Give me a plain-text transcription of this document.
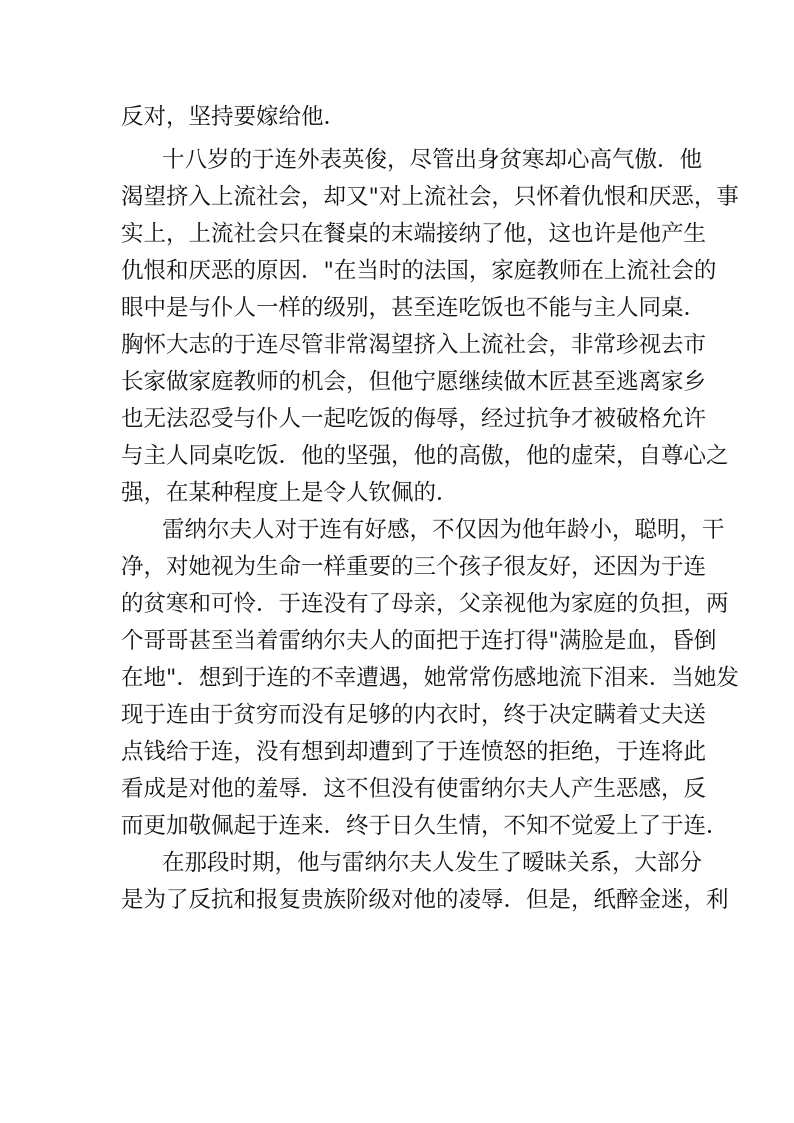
反对，坚持要嫁给他．
十八岁的于连外表英俊，尽管出身贫寒却心高气傲．他
渴望挤入上流社会，却又"对上流社会，只怀着仇恨和厌恶，事
实上，上流社会只在餐桌的末端接纳了他，这也许是他产生
仇恨和厌恶的原因．"在当时的法国，家庭教师在上流社会的
眼中是与仆人一样的级别，甚至连吃饭也不能与主人同桌．
胸怀大志的于连尽管非常渴望挤入上流社会，非常珍视去市
长家做家庭教师的机会，但他宁愿继续做木匠甚至逃离家乡
也无法忍受与仆人一起吃饭的侮辱，经过抗争才被破格允许
与主人同桌吃饭．他的坚强，他的高傲，他的虚荣，自尊心之
强，在某种程度上是令人钦佩的．
雷纳尔夫人对于连有好感，不仅因为他年龄小，聪明，干
净，对她视为生命一样重要的三个孩子很友好，还因为于连
的贫寒和可怜．于连没有了母亲，父亲视他为家庭的负担，两
个哥哥甚至当着雷纳尔夫人的面把于连打得"满脸是血，昏倒
在地"．想到于连的不幸遭遇，她常常伤感地流下泪来．当她发
现于连由于贫穷而没有足够的内衣时，终于决定瞒着丈夫送
点钱给于连，没有想到却遭到了于连愤怒的拒绝，于连将此
看成是对他的羞辱．这不但没有使雷纳尔夫人产生恶感，反
而更加敬佩起于连来．终于日久生情，不知不觉爱上了于连．
在那段时期，他与雷纳尔夫人发生了暧昧关系，大部分
是为了反抗和报复贵族阶级对他的凌辱．但是，纸醉金迷，利
